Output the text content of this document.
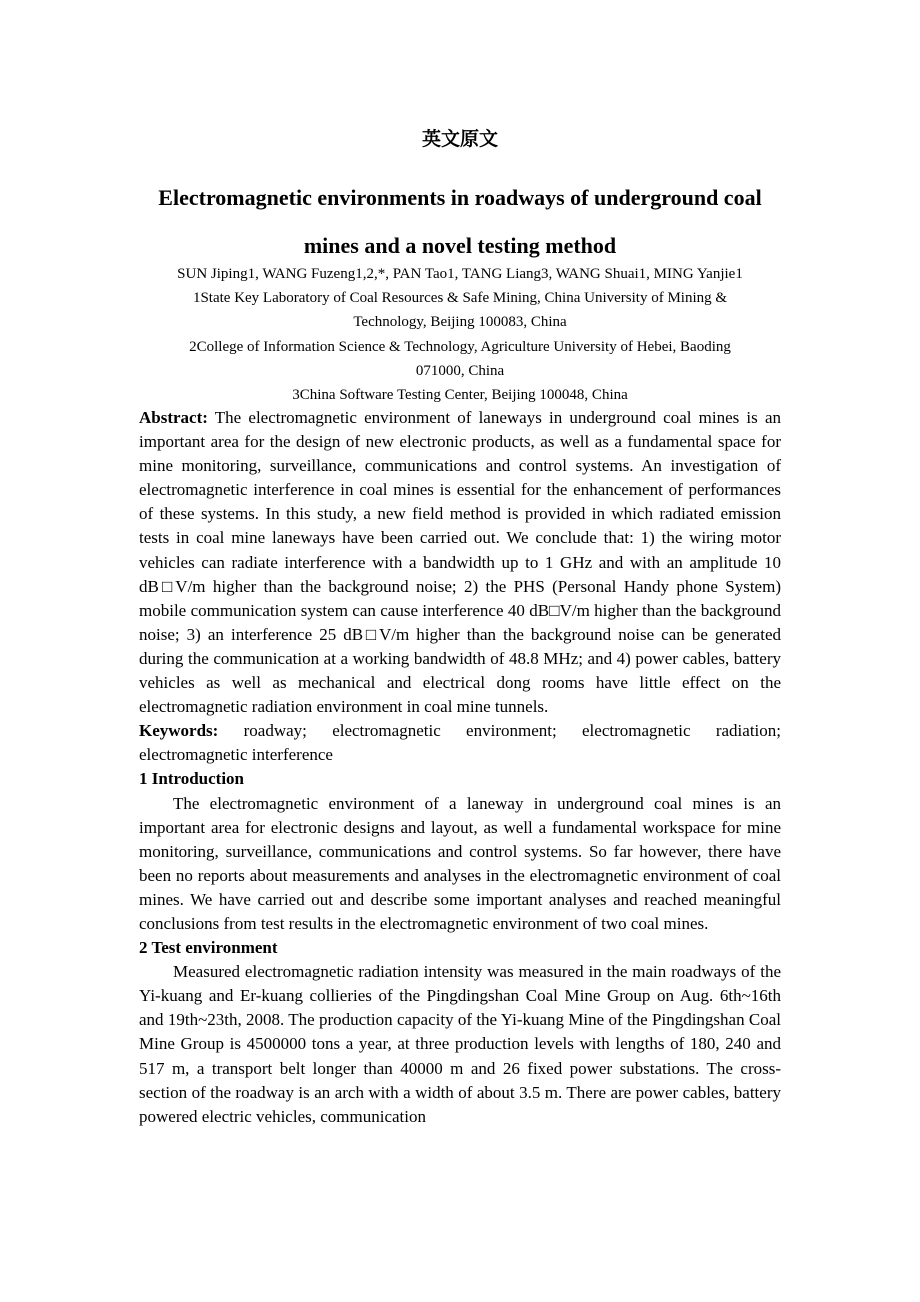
英文原文
Electromagnetic environments in roadways of underground coal
mines and a novel testing method
SUN Jiping1, WANG Fuzeng1,2,*, PAN Tao1, TANG Liang3, WANG Shuai1, MING Yanjie1
1State Key Laboratory of Coal Resources & Safe Mining, China University of Mining &
Technology, Beijing 100083, China
2College of Information Science & Technology, Agriculture University of Hebei, Baoding
071000, China
3China Software Testing Center, Beijing 100048, China

Abstract: The electromagnetic environment of laneways in underground coal mines is an important area for the design of new electronic products, as well as a fundamental space for mine monitoring, surveillance, communications and control systems. An investigation of electromagnetic interference in coal mines is essential for the enhancement of performances of these systems. In this study, a new field method is provided in which radiated emission tests in coal mine laneways have been carried out. We conclude that: 1) the wiring motor vehicles can radiate interference with a bandwidth up to 1 GHz and with an amplitude 10 dB□V/m higher than the background noise; 2) the PHS (Personal Handy phone System) mobile communication system can cause interference 40 dB□V/m higher than the background noise; 3) an interference 25 dB□V/m higher than the background noise can be generated during the communication at a working bandwidth of 48.8 MHz; and 4) power cables, battery vehicles as well as mechanical and electrical dong rooms have little effect on the electromagnetic radiation environment in coal mine tunnels.

Keywords: roadway; electromagnetic environment; electromagnetic radiation; electromagnetic interference

1 Introduction

The electromagnetic environment of a laneway in underground coal mines is an important area for electronic designs and layout, as well a fundamental workspace for mine monitoring, surveillance, communications and control systems. So far however, there have been no reports about measurements and analyses in the electromagnetic environment of coal mines. We have carried out and describe some important analyses and reached meaningful conclusions from test results in the electromagnetic environment of two coal mines.

2 Test environment

Measured electromagnetic radiation intensity was measured in the main roadways of the Yi-kuang and Er-kuang collieries of the Pingdingshan Coal Mine Group on Aug. 6th~16th and 19th~23th, 2008. The production capacity of the Yi-kuang Mine of the Pingdingshan Coal Mine Group is 4500000 tons a year, at three production levels with lengths of 180, 240 and 517 m, a transport belt longer than 40000 m and 26 fixed power substations. The cross-section of the roadway is an arch with a width of about 3.5 m. There are power cables, battery powered electric vehicles, communication
